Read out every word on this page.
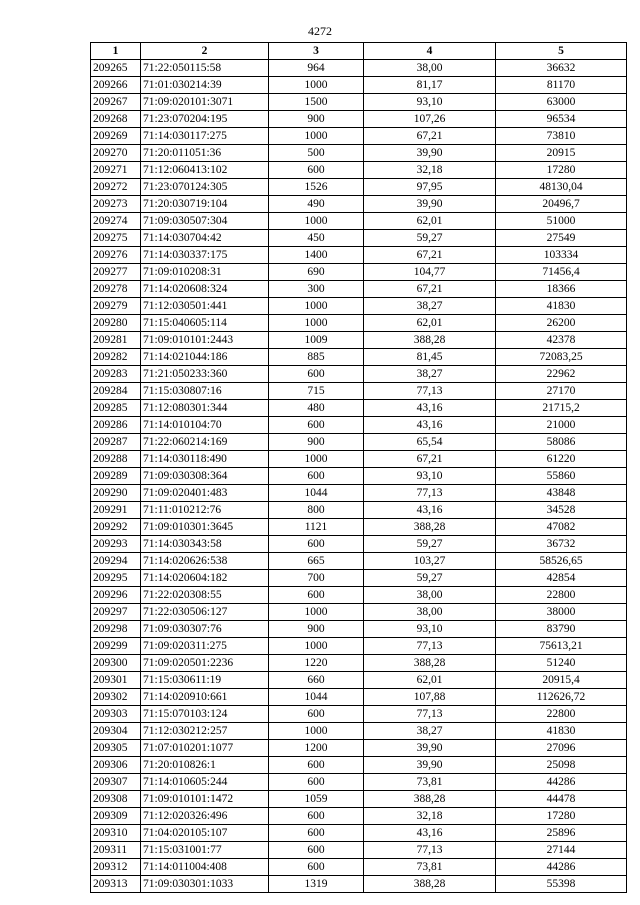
4272
1	2	3	4	5
209265	71:22:050115:58	964	38,00	36632
209266	71:01:030214:39	1000	81,17	81170
209267	71:09:020101:3071	1500	93,10	63000
209268	71:23:070204:195	900	107,26	96534
209269	71:14:030117:275	1000	67,21	73810
209270	71:20:011051:36	500	39,90	20915
209271	71:12:060413:102	600	32,18	17280
209272	71:23:070124:305	1526	97,95	48130,04
209273	71:20:030719:104	490	39,90	20496,7
209274	71:09:030507:304	1000	62,01	51000
209275	71:14:030704:42	450	59,27	27549
209276	71:14:030337:175	1400	67,21	103334
209277	71:09:010208:31	690	104,77	71456,4
209278	71:14:020608:324	300	67,21	18366
209279	71:12:030501:441	1000	38,27	41830
209280	71:15:040605:114	1000	62,01	26200
209281	71:09:010101:2443	1009	388,28	42378
209282	71:14:021044:186	885	81,45	72083,25
209283	71:21:050233:360	600	38,27	22962
209284	71:15:030807:16	715	77,13	27170
209285	71:12:080301:344	480	43,16	21715,2
209286	71:14:010104:70	600	43,16	21000
209287	71:22:060214:169	900	65,54	58086
209288	71:14:030118:490	1000	67,21	61220
209289	71:09:030308:364	600	93,10	55860
209290	71:09:020401:483	1044	77,13	43848
209291	71:11:010212:76	800	43,16	34528
209292	71:09:010301:3645	1121	388,28	47082
209293	71:14:030343:58	600	59,27	36732
209294	71:14:020626:538	665	103,27	58526,65
209295	71:14:020604:182	700	59,27	42854
209296	71:22:020308:55	600	38,00	22800
209297	71:22:030506:127	1000	38,00	38000
209298	71:09:030307:76	900	93,10	83790
209299	71:09:020311:275	1000	77,13	75613,21
209300	71:09:020501:2236	1220	388,28	51240
209301	71:15:030611:19	660	62,01	20915,4
209302	71:14:020910:661	1044	107,88	112626,72
209303	71:15:070103:124	600	77,13	22800
209304	71:12:030212:257	1000	38,27	41830
209305	71:07:010201:1077	1200	39,90	27096
209306	71:20:010826:1	600	39,90	25098
209307	71:14:010605:244	600	73,81	44286
209308	71:09:010101:1472	1059	388,28	44478
209309	71:12:020326:496	600	32,18	17280
209310	71:04:020105:107	600	43,16	25896
209311	71:15:031001:77	600	77,13	27144
209312	71:14:011004:408	600	73,81	44286
209313	71:09:030301:1033	1319	388,28	55398
